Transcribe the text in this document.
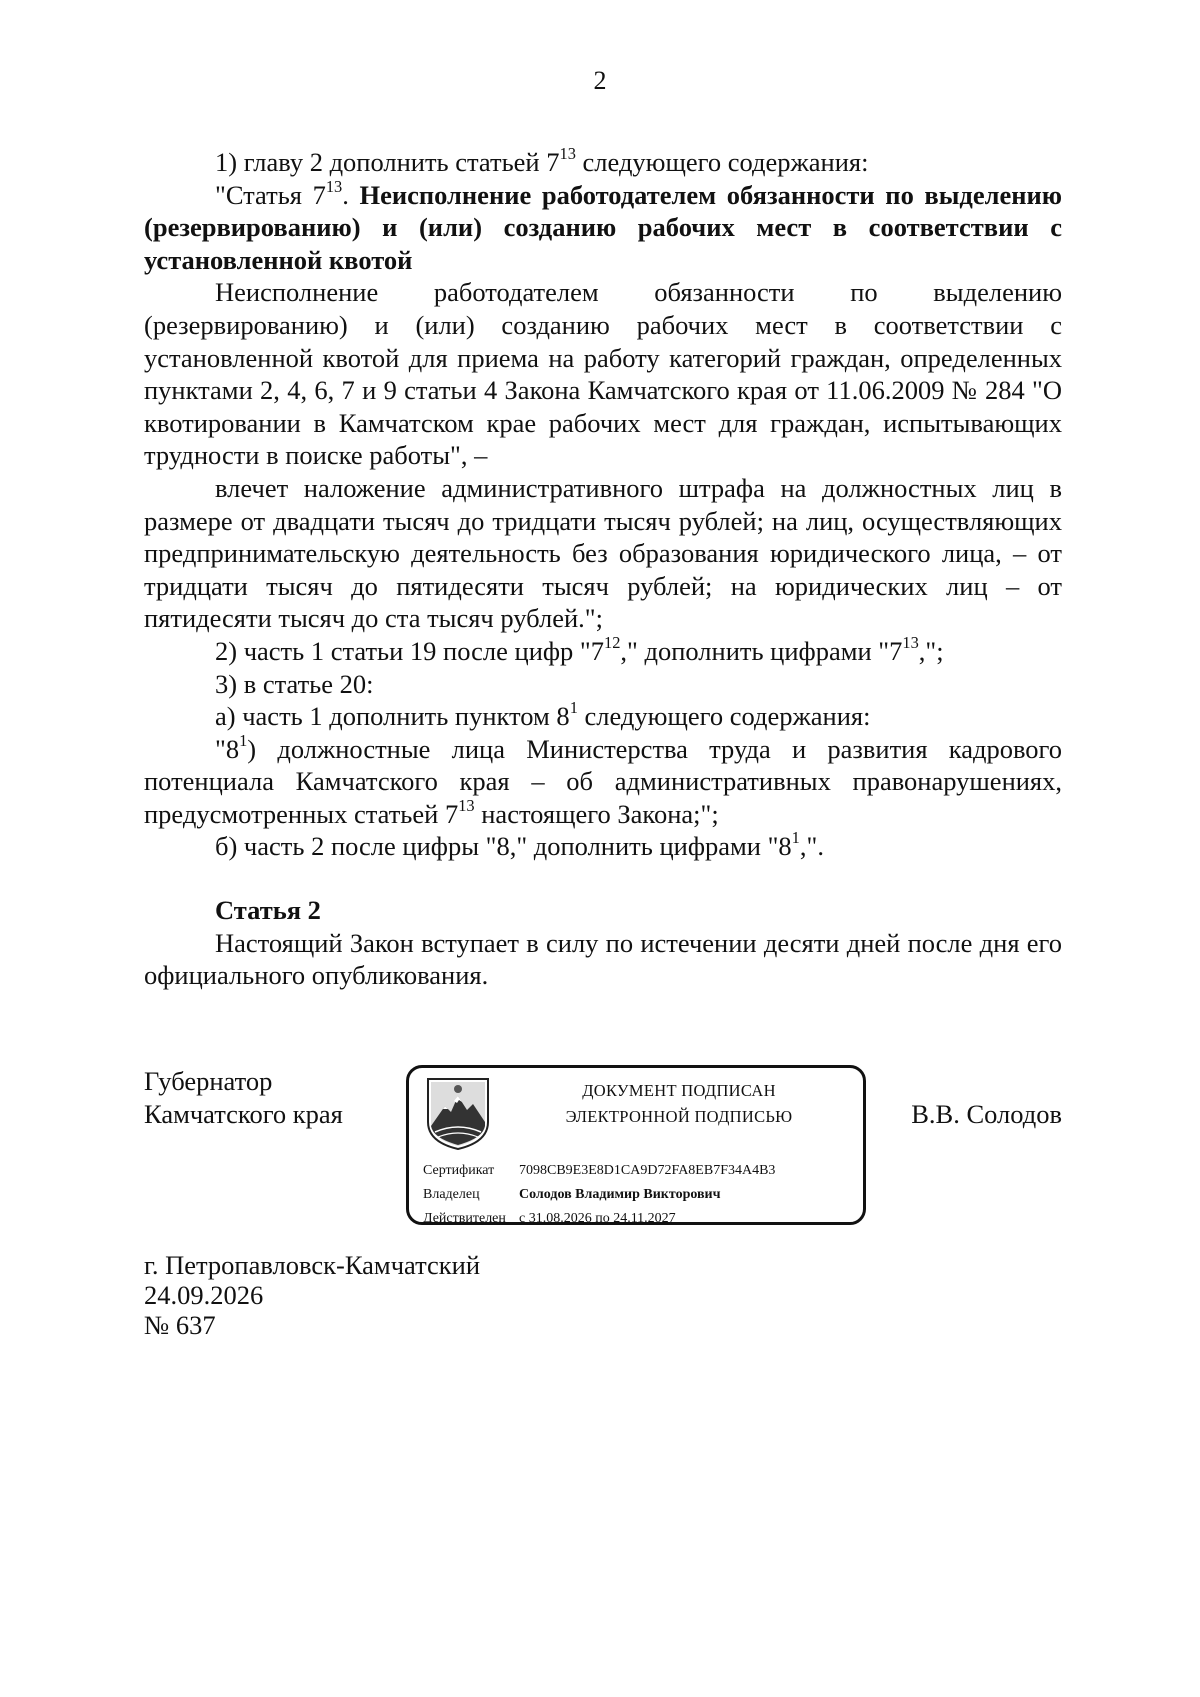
2

1) главу 2 дополнить статьей $7^{13}$ следующего содержания:

"Статья $7^{13}$. Неисполнение работодателем обязанности по выделению (резервированию) и (или) созданию рабочих мест в соответствии с установленной квотой

Неисполнение работодателем обязанности по выделению (резервированию) и (или) созданию рабочих мест в соответствии с установленной квотой для приема на работу категорий граждан, определенных пунктами 2, 4, 6, 7 и 9 статьи 4 Закона Камчатского края от 11.06.2009 № 284 "О квотировании в Камчатском крае рабочих мест для граждан, испытывающих трудности в поиске работы", –

влечет наложение административного штрафа на должностных лиц в размере от двадцати тысяч до тридцати тысяч рублей; на лиц, осуществляющих предпринимательскую деятельность без образования юридического лица, – от тридцати тысяч до пятидесяти тысяч рублей; на юридических лиц – от пятидесяти тысяч до ста тысяч рублей.";

2) часть 1 статьи 19 после цифр "$7^{12}$," дополнить цифрами "$7^{13}$,";

3) в статье 20:

а) часть 1 дополнить пунктом $8^1$ следующего содержания:

"$8^1$) должностные лица Министерства труда и развития кадрового потенциала Камчатского края – об административных правонарушениях, предусмотренных статьей $7^{13}$ настоящего Закона;";

б) часть 2 после цифры "8," дополнить цифрами "$8^1$,".

Статья 2

Настоящий Закон вступает в силу по истечении десяти дней после дня его официального опубликования.

Губернатор
Камчатского края
ДОКУМЕНТ ПОДПИСАН
ЭЛЕКТРОННОЙ ПОДПИСЬЮ
Сертификат 7098CB9E3E8D1CA9D72FA8EB7F34A4B3
Владелец	Солодов Владимир Викторович
Действителен с 31.08.2026 по 24.11.2027
В.В. Солодов
г. Петропавловск-Камчатский
24.09.2026
№ 637
